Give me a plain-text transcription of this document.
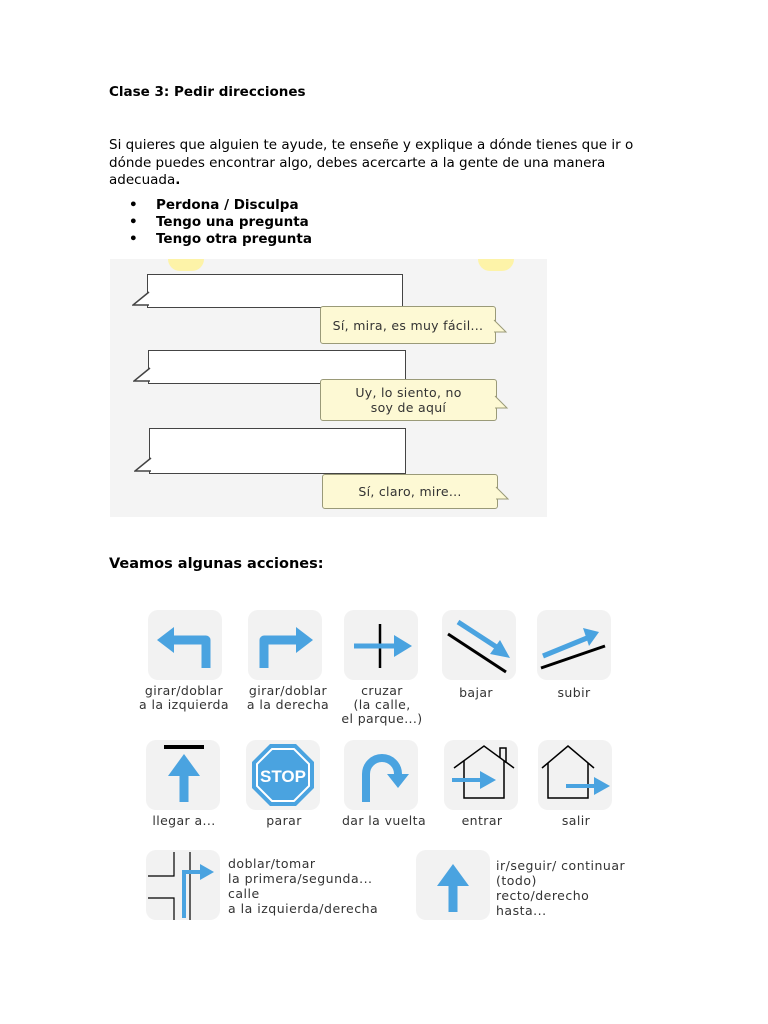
Clase 3: Pedir direcciones
Si quieres que alguien te ayude, te enseñe y explique a dónde tienes que ir o dónde puedes encontrar algo, debes acercarte a la gente de una manera adecuada.
• Perdona / Disculpa
• Tengo una pregunta
• Tengo otra pregunta
Sí, mira, es muy fácil...
Uy, lo siento, no
soy de aquí
Sí, claro, mire...
Veamos algunas acciones:
girar/doblar
a la izquierda
girar/doblar
a la derecha
cruzar
(la calle,
el parque...)
bajar	subir
STOP
llegar a...	parar	dar la vuelta	entrar	salir
doblar/tomar
la primera/segunda...
calle
a la izquierda/derecha
ir/seguir/ continuar
(todo)
recto/derecho
hasta...
